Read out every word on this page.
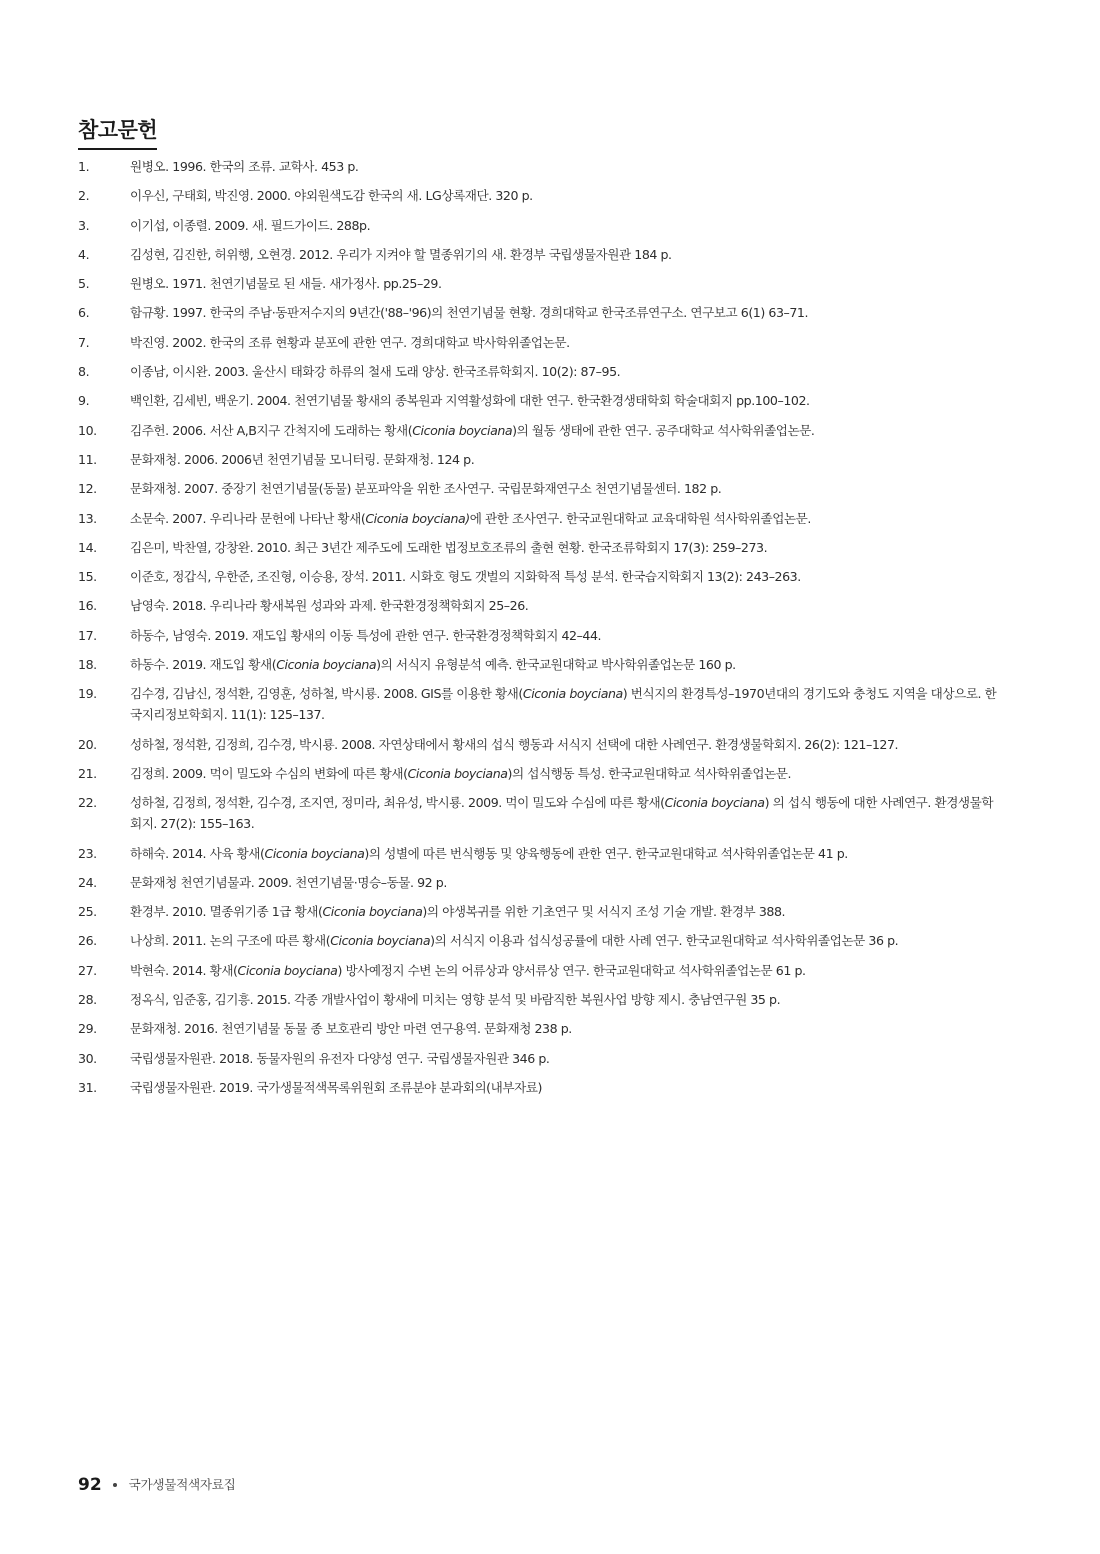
참고문헌
1.	원병오. 1996. 한국의 조류. 교학사. 453 p.
2.	이우신, 구태회, 박진영. 2000. 야외원색도감 한국의 새. LG상록재단. 320 p.
3.	이기섭, 이종렬. 2009. 새. 필드가이드. 288p.
4.	김성현, 김진한, 허위행, 오현경. 2012. 우리가 지켜야 할 멸종위기의 새. 환경부 국립생물자원관 184 p.
5.	원병오. 1971. 천연기념물로 된 새들. 새가정사. pp.25–29.
6.	함규황. 1997. 한국의 주남·동판저수지의 9년간('88–'96)의 천연기념물 현황. 경희대학교 한국조류연구소. 연구보고 6(1) 63–71.
7.	박진영. 2002. 한국의 조류 현황과 분포에 관한 연구. 경희대학교 박사학위졸업논문.
8.	이종남, 이시완. 2003. 울산시 태화강 하류의 철새 도래 양상. 한국조류학회지. 10(2): 87–95.
9.	백인환, 김세빈, 백운기. 2004. 천연기념물 황새의 종복원과 지역활성화에 대한 연구. 한국환경생태학회 학술대회지 pp.100–102.
10.	김주헌. 2006. 서산 A,B지구 간척지에 도래하는 황새(Ciconia boyciana)의 월동 생태에 관한 연구. 공주대학교 석사학위졸업논문.
11.	문화재청. 2006. 2006년 천연기념물 모니터링. 문화재청. 124 p.
12.	문화재청. 2007. 중장기 천연기념물(동물) 분포파악을 위한 조사연구. 국립문화재연구소 천연기념물센터. 182 p.
13.	소문숙. 2007. 우리나라 문헌에 나타난 황새(Ciconia boyciana)에 관한 조사연구. 한국교원대학교 교육대학원 석사학위졸업논문.
14.	김은미, 박찬열, 강창완. 2010. 최근 3년간 제주도에 도래한 법정보호조류의 출현 현황. 한국조류학회지 17(3): 259–273.
15.	이준호, 정갑식, 우한준, 조진형, 이승용, 장석. 2011. 시화호 형도 갯벌의 지화학적 특성 분석. 한국습지학회지 13(2): 243–263.
16.	남영숙. 2018. 우리나라 황새복원 성과와 과제. 한국환경정책학회지 25–26.
17.	하동수, 남영숙. 2019. 재도입 황새의 이동 특성에 관한 연구. 한국환경정책학회지 42–44.
18.	하동수. 2019. 재도입 황새(Ciconia boyciana)의 서식지 유형분석 예측. 한국교원대학교 박사학위졸업논문 160 p.
19.	김수경, 김남신, 정석환, 김영훈, 성하철, 박시룡. 2008. GIS를 이용한 황새(Ciconia boyciana) 번식지의 환경특성–1970년대의 경기도와 충청도 지역을 대상으로. 한국지리정보학회지. 11(1): 125–137.
20.	성하철, 정석환, 김정희, 김수경, 박시룡. 2008. 자연상태에서 황새의 섭식 행동과 서식지 선택에 대한 사례연구. 환경생물학회지. 26(2): 121–127.
21.	김정희. 2009. 먹이 밀도와 수심의 변화에 따른 황새(Ciconia boyciana)의 섭식행동 특성. 한국교원대학교 석사학위졸업논문.
22.	성하철, 김정희, 정석환, 김수경, 조지연, 정미라, 최유성, 박시룡. 2009. 먹이 밀도와 수심에 따른 황새(Ciconia boyciana) 의 섭식 행동에 대한 사례연구. 환경생물학회지. 27(2): 155–163.
23.	하해숙. 2014. 사육 황새(Ciconia boyciana)의 성별에 따른 번식행동 및 양육행동에 관한 연구. 한국교원대학교 석사학위졸업논문 41 p.
24.	문화재청 천연기념물과. 2009. 천연기념물·명승–동물. 92 p.
25.	환경부. 2010. 멸종위기종 1급 황새(Ciconia boyciana)의 야생복귀를 위한 기초연구 및 서식지 조성 기술 개발. 환경부 388.
26.	나상희. 2011. 논의 구조에 따른 황새(Ciconia boyciana)의 서식지 이용과 섭식성공률에 대한 사례 연구. 한국교원대학교 석사학위졸업논문 36 p.
27.	박현숙. 2014. 황새(Ciconia boyciana) 방사예정지 수변 논의 어류상과 양서류상 연구. 한국교원대학교 석사학위졸업논문 61 p.
28.	정옥식, 임준홍, 김기흥. 2015. 각종 개발사업이 황새에 미치는 영향 분석 및 바람직한 복원사업 방향 제시. 충남연구원 35 p.
29.	문화재청. 2016. 천연기념물 동물 종 보호관리 방안 마련 연구용역. 문화재청 238 p.
30.	국립생물자원관. 2018. 동물자원의 유전자 다양성 연구. 국립생물자원관 346 p.
31.	국립생물자원관. 2019. 국가생물적색목록위원회 조류분야 분과회의(내부자료)
92 국가생물적색자료집
